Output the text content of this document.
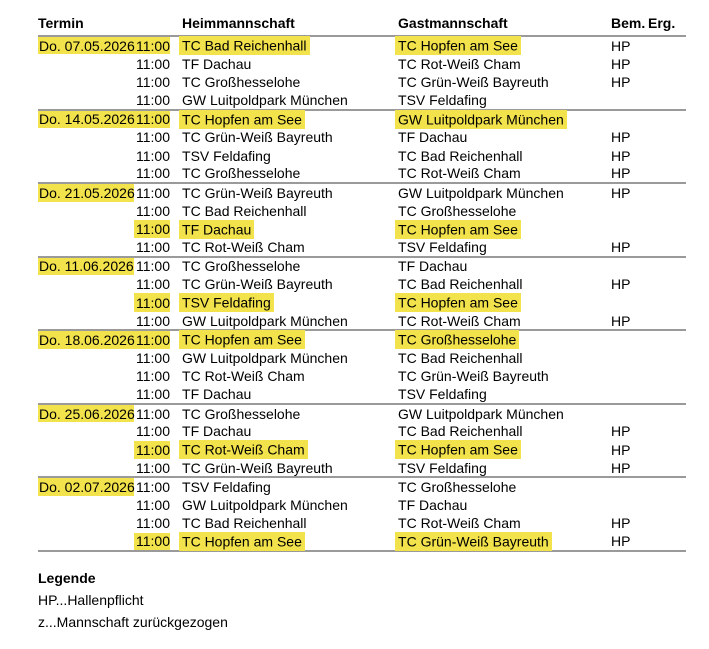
Termin		Heimmannschaft	Gastmannschaft	Bem.	Erg.
Do. 07.05.2026	11:00	TC Bad Reichenhall	TC Hopfen am See	HP	
	11:00	TF Dachau	TC Rot-Weiß Cham	HP	
	11:00	TC Großhesselohe	TC Grün-Weiß Bayreuth	HP	
	11:00	GW Luitpoldpark München	TSV Feldafing		
Do. 14.05.2026	11:00	TC Hopfen am See	GW Luitpoldpark München		
	11:00	TC Grün-Weiß Bayreuth	TF Dachau	HP	
	11:00	TSV Feldafing	TC Bad Reichenhall	HP	
	11:00	TC Großhesselohe	TC Rot-Weiß Cham	HP	
Do. 21.05.2026	11:00	TC Grün-Weiß Bayreuth	GW Luitpoldpark München	HP	
	11:00	TC Bad Reichenhall	TC Großhesselohe		
	11:00	TF Dachau	TC Hopfen am See		
	11:00	TC Rot-Weiß Cham	TSV Feldafing	HP	
Do. 11.06.2026	11:00	TC Großhesselohe	TF Dachau		
	11:00	TC Grün-Weiß Bayreuth	TC Bad Reichenhall	HP	
	11:00	TSV Feldafing	TC Hopfen am See		
	11:00	GW Luitpoldpark München	TC Rot-Weiß Cham	HP	
Do. 18.06.2026	11:00	TC Hopfen am See	TC Großhesselohe		
	11:00	GW Luitpoldpark München	TC Bad Reichenhall		
	11:00	TC Rot-Weiß Cham	TC Grün-Weiß Bayreuth		
	11:00	TF Dachau	TSV Feldafing		
Do. 25.06.2026	11:00	TC Großhesselohe	GW Luitpoldpark München		
	11:00	TF Dachau	TC Bad Reichenhall	HP	
	11:00	TC Rot-Weiß Cham	TC Hopfen am See	HP	
	11:00	TC Grün-Weiß Bayreuth	TSV Feldafing	HP	
Do. 02.07.2026	11:00	TSV Feldafing	TC Großhesselohe		
	11:00	GW Luitpoldpark München	TF Dachau		
	11:00	TC Bad Reichenhall	TC Rot-Weiß Cham	HP	
	11:00	TC Hopfen am See	TC Grün-Weiß Bayreuth	HP	
Legende
HP...Hallenpflicht
z...Mannschaft zurückgezogen
